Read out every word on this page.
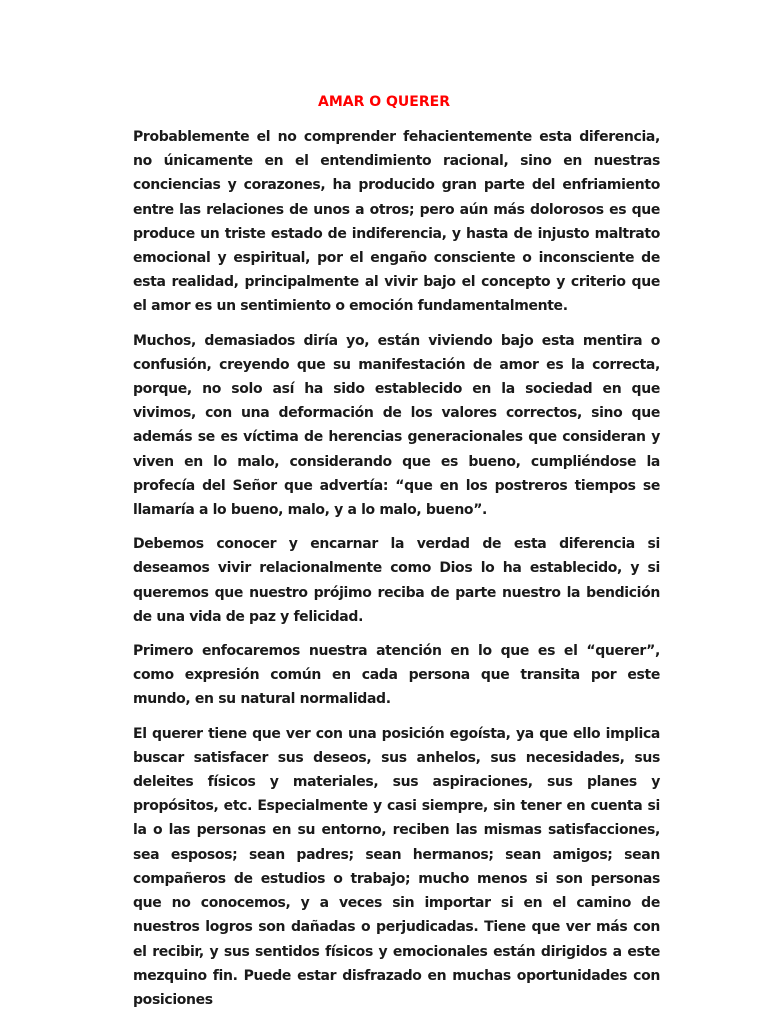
AMAR O QUERER

Probablemente el no comprender fehacientemente esta diferencia, no únicamente en el entendimiento racional, sino en nuestras conciencias y corazones, ha producido gran parte del enfriamiento entre las relaciones de unos a otros; pero aún más dolorosos es que produce un triste estado de indiferencia, y hasta de injusto maltrato emocional y espiritual, por el engaño consciente o inconsciente de esta realidad, principalmente al vivir bajo el concepto y criterio que el amor es un sentimiento o emoción fundamentalmente.

Muchos, demasiados diría yo, están viviendo bajo esta mentira o confusión, creyendo que su manifestación de amor es la correcta, porque, no solo así ha sido establecido en la sociedad en que vivimos, con una deformación de los valores correctos, sino que además se es víctima de herencias generacionales que consideran y viven en lo malo, considerando que es bueno, cumpliéndose la profecía del Señor que advertía: “que en los postreros tiempos se llamaría a lo bueno, malo, y a lo malo, bueno”.

Debemos conocer y encarnar la verdad de esta diferencia si deseamos vivir relacionalmente como Dios lo ha establecido, y si queremos que nuestro prójimo reciba de parte nuestro la bendición de una vida de paz y felicidad.

Primero enfocaremos nuestra atención en lo que es el “querer”, como expresión común en cada persona que transita por este mundo, en su natural normalidad.

El querer tiene que ver con una posición egoísta, ya que ello implica buscar satisfacer sus deseos, sus anhelos, sus necesidades, sus deleites físicos y materiales, sus aspiraciones, sus planes y propósitos, etc. Especialmente y casi siempre, sin tener en cuenta si la o las personas en su entorno, reciben las mismas satisfacciones, sea esposos; sean padres; sean hermanos; sean amigos; sean compañeros de estudios o trabajo; mucho menos si son personas que no conocemos, y a veces sin importar si en el camino de nuestros logros son dañadas o perjudicadas. Tiene que ver más con el recibir, y sus sentidos físicos y emocionales están dirigidos a este mezquino fin. Puede estar disfrazado en muchas oportunidades con posiciones
